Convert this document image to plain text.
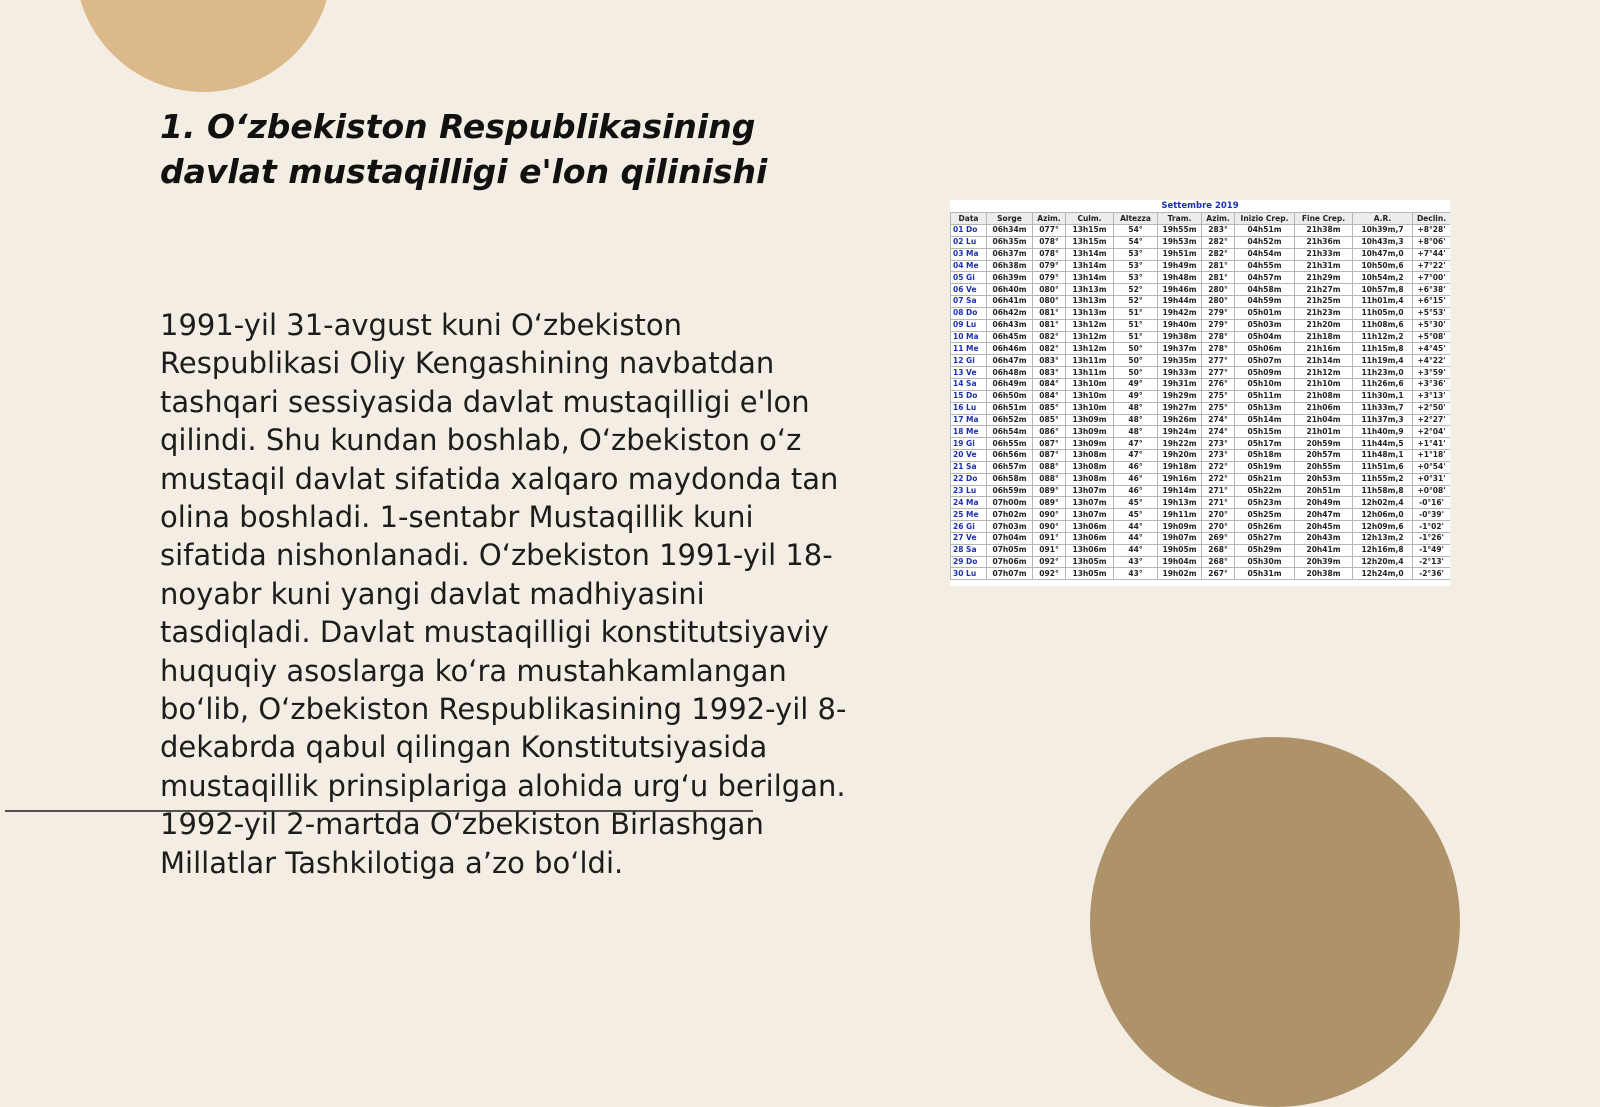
1. O‘zbekiston Respublikasining
davlat mustaqilligi e'lon qilinishi

1991-yil 31-avgust kuni O‘zbekiston Respublikasi Oliy Kengashining navbatdan tashqari sessiyasida davlat mustaqilligi e'lon qilindi. Shu kundan boshlab, O‘zbekiston o‘z mustaqil davlat sifatida xalqaro maydonda tan olina boshladi. 1-sentabr Mustaqillik kuni sifatida nishonlanadi. O‘zbekiston 1991-yil 18-noyabr kuni yangi davlat madhiyasini tasdiqladi. Davlat mustaqilligi konstitutsiyaviy huquqiy asoslarga ko‘ra mustahkamlangan bo‘lib, O‘zbekiston Respublikasining 1992-yil 8-dekabrda qabul qilingan Konstitutsiyasida mustaqillik prinsiplariga alohida urg‘u berilgan. 1992-yil 2-martda O‘zbekiston Birlashgan Millatlar Tashkilotiga a’zo bo‘ldi.

Settembre 2019
Data	Sorge	Azim.	Culm.	Altezza	Tram.	Azim.	Inizio Crep.	Fine Crep.	A.R.	Declin.
01 Do	06h34m	077°	13h15m	54°	19h55m	283°	04h51m	21h38m	10h39m,7	+8°28'
02 Lu	06h35m	078°	13h15m	54°	19h53m	282°	04h52m	21h36m	10h43m,3	+8°06'
03 Ma	06h37m	078°	13h14m	53°	19h51m	282°	04h54m	21h33m	10h47m,0	+7°44'
04 Me	06h38m	079°	13h14m	53°	19h49m	281°	04h55m	21h31m	10h50m,6	+7°22'
05 Gi	06h39m	079°	13h14m	53°	19h48m	281°	04h57m	21h29m	10h54m,2	+7°00'
06 Ve	06h40m	080°	13h13m	52°	19h46m	280°	04h58m	21h27m	10h57m,8	+6°38'
07 Sa	06h41m	080°	13h13m	52°	19h44m	280°	04h59m	21h25m	11h01m,4	+6°15'
08 Do	06h42m	081°	13h13m	51°	19h42m	279°	05h01m	21h23m	11h05m,0	+5°53'
09 Lu	06h43m	081°	13h12m	51°	19h40m	279°	05h03m	21h20m	11h08m,6	+5°30'
10 Ma	06h45m	082°	13h12m	51°	19h38m	278°	05h04m	21h18m	11h12m,2	+5°08'
11 Me	06h46m	082°	13h12m	50°	19h37m	278°	05h06m	21h16m	11h15m,8	+4°45'
12 Gi	06h47m	083°	13h11m	50°	19h35m	277°	05h07m	21h14m	11h19m,4	+4°22'
13 Ve	06h48m	083°	13h11m	50°	19h33m	277°	05h09m	21h12m	11h23m,0	+3°59'
14 Sa	06h49m	084°	13h10m	49°	19h31m	276°	05h10m	21h10m	11h26m,6	+3°36'
15 Do	06h50m	084°	13h10m	49°	19h29m	275°	05h11m	21h08m	11h30m,1	+3°13'
16 Lu	06h51m	085°	13h10m	48°	19h27m	275°	05h13m	21h06m	11h33m,7	+2°50'
17 Ma	06h52m	085°	13h09m	48°	19h26m	274°	05h14m	21h04m	11h37m,3	+2°27'
18 Me	06h54m	086°	13h09m	48°	19h24m	274°	05h15m	21h01m	11h40m,9	+2°04'
19 Gi	06h55m	087°	13h09m	47°	19h22m	273°	05h17m	20h59m	11h44m,5	+1°41'
20 Ve	06h56m	087°	13h08m	47°	19h20m	273°	05h18m	20h57m	11h48m,1	+1°18'
21 Sa	06h57m	088°	13h08m	46°	19h18m	272°	05h19m	20h55m	11h51m,6	+0°54'
22 Do	06h58m	088°	13h08m	46°	19h16m	272°	05h21m	20h53m	11h55m,2	+0°31'
23 Lu	06h59m	089°	13h07m	46°	19h14m	271°	05h22m	20h51m	11h58m,8	+0°08'
24 Ma	07h00m	089°	13h07m	45°	19h13m	271°	05h23m	20h49m	12h02m,4	-0°16'
25 Me	07h02m	090°	13h07m	45°	19h11m	270°	05h25m	20h47m	12h06m,0	-0°39'
26 Gi	07h03m	090°	13h06m	44°	19h09m	270°	05h26m	20h45m	12h09m,6	-1°02'
27 Ve	07h04m	091°	13h06m	44°	19h07m	269°	05h27m	20h43m	12h13m,2	-1°26'
28 Sa	07h05m	091°	13h06m	44°	19h05m	268°	05h29m	20h41m	12h16m,8	-1°49'
29 Do	07h06m	092°	13h05m	43°	19h04m	268°	05h30m	20h39m	12h20m,4	-2°13'
30 Lu	07h07m	092°	13h05m	43°	19h02m	267°	05h31m	20h38m	12h24m,0	-2°36'
